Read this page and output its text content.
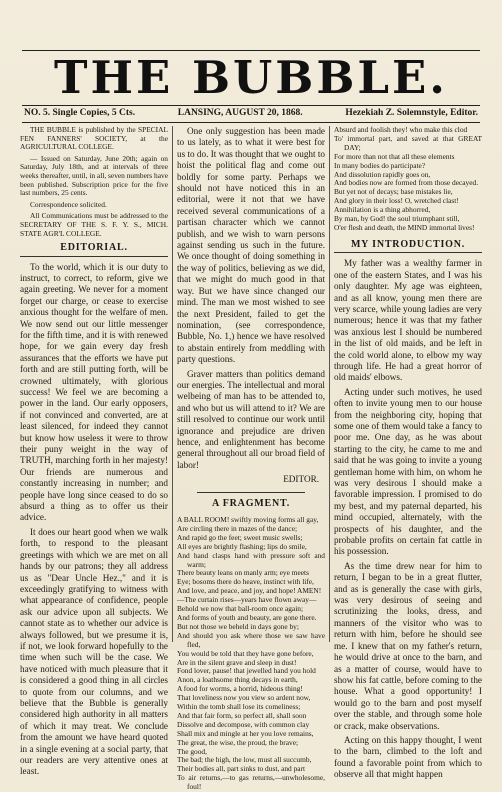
THE BUBBLE.
NO. 5. Single Copies, 5 Cts.	LANSING, AUGUST 20, 1868.	Hezekiah Z. Solemnstyle, Editor.

THE BUBBLE is published by the SPECIAL FEN FANNERS' SOCIETY, at the AGRICULTURAL COLLEGE.

— Issued on Saturday, June 20th; again on Saturday, July 18th, and at intervals of three weeks thereafter, until, in all, seven numbers have been published. Subscription price for the five last numbers, 25 cents.

Correspondence solicited.

All Communications must be addressed to the SECRETARY OF THE S. F. Y. S., MICH. STATE AGR'L COLLEGE.

EDITORIAL.

To the world, which it is our duty to instruct, to correct, to reform, give we again greeting. We never for a moment forget our charge, or cease to exercise anxious thought for the welfare of men. We now send out our little messenger for the fifth time, and it is with renewed hope, for we gain every day fresh assurances that the efforts we have put forth and are still putting forth, will be crowned ultimately, with glorious success! We feel we are becoming a power in the land. Our early opposers, if not convinced and converted, are at least silenced, for indeed they cannot but know how useless it were to throw their puny weight in the way of TRUTH, marching forth in her majesty! Our friends are numerous and constantly increasing in number; and people have long since ceased to do so absurd a thing as to offer us their advice.

It does our heart good when we walk forth, to respond to the pleasant greetings with which we are met on all hands by our patrons; they all address us as "Dear Uncle Hez.," and it is exceedingly gratifying to witness with what appearance of confidence, people ask our advice upon all subjects. We cannot state as to whether our advice is always followed, but we presume it is, if not, we look forward hopefully to the time when such will be the case. We have noticed with much pleasure that it is considered a good thing in all circles to quote from our columns, and we believe that the Bubble is generally considered high authority in all matters of which it may treat. We conclude from the amount we have heard quoted in a single evening at a social party, that our readers are very attentive ones at least.

One only suggestion has been made to us lately, as to what it were best for us to do. It was thought that we ought to hoist the political flag and come out boldly for some party. Perhaps we should not have noticed this in an editorial, were it not that we have received several communications of a partisan character which we cannot publish, and we wish to warn persons against sending us such in the future. We once thought of doing something in the way of politics, believing as we did, that we might do much good in that way. But we have since changed our mind. The man we most wished to see the next President, failed to get the nomination, (see correspondence, Bubble, No. 1,) hence we have resolved to abstain entirely from meddling with party questions.

Graver matters than politics demand our energies. The intellectual and moral welbeing of man has to be attended to, and who but us will attend to it? We are still resolved to continue our work until ignorance and prejudice are driven hence, and enlightenment has become general throughout all our broad field of labor!

EDITOR.
A FRAGMENT.
A BALL ROOM! swiftly moving forms all gay,
Are circling there in mazes of the dance;
And rapid go the feet; sweet music swells;
All eyes are brightly flashing; lips do smile,
And hand clasps hand with pressure soft and warm;
There beauty leans on manly arm; eye meets
Eye; bosoms there do heave, instinct with life,
And love, and peace, and joy, and hope! AMEN!
—The curtain rises—years have flown away—
Behold we now that ball-room once again;
And forms of youth and beauty, are gone there.
But not those we beheld in days gone by;
And should you ask where those we saw have fled,
You would be told that they have gone before,
Are in the silent grave and sleep in dust!
Fond lover, pause! that jewelled hand you hold
Anon, a loathsome thing decays in earth,
A food for worms, a horrid, hideous thing!
That loveliness now you view so ardent now,
Within the tomb shall lose its comeliness;
And that fair form, so perfect all, shall soon
Dissolve and decompose, with common clay
Shall mix and mingle at her you love remains,
The great, the wise, the proud, the brave;
The good,
The bad; the high, the low, must all succumb,
Their bodies all, part sinks to dust, and part
To air returns,—to gas returns,—unwholesome, foul!
Absurd and foolish they! who make this clod
To' immortal part, and saved at that GREAT DAY;
For more than not that all these elements
In many bodies do participate?
And dissolution rapidly goes on,
And bodies now are formed from those decayed.
But yet not of decays; base mistakes lie,
And glory in their loss! O, wretched clast!
Annihilation is a thing abhorred,
By man, by God! the soul triumphant still,
O'er flesh and death, the MIND immortal lives!
MY INTRODUCTION.

My father was a wealthy farmer in one of the eastern States, and I was his only daughter. My age was eighteen, and as all know, young men there are very scarce, while young ladies are very numerous; hence it was that my father was anxious lest I should be numbered in the list of old maids, and be left in the cold world alone, to elbow my way through life. He had a great horror of old maids' elbows.

Acting under such motives, he used often to invite young men to our house from the neighboring city, hoping that some one of them would take a fancy to poor me. One day, as he was about starting to the city, he came to me and said that he was going to invite a young gentleman home with him, on whom he was very desirous I should make a favorable impression. I promised to do my best, and my paternal departed, his mind occupied, alternately, with the prospects of his daughter, and the probable profits on certain fat cattle in his possession.

As the time drew near for him to return, I began to be in a great flutter, and as is generally the case with girls, was very desirous of seeing and scrutinizing the looks, dress, and manners of the visitor who was to return with him, before he should see me. I knew that on my father's return, he would drive at once to the barn, and as a matter of course, would have to show his fat cattle, before coming to the house. What a good opportunity! I would go to the barn and post myself over the stable, and through some hole or crack, make observations.

Acting on this happy thought, I went to the barn, climbed to the loft and found a favorable point from which to observe all that might happen
